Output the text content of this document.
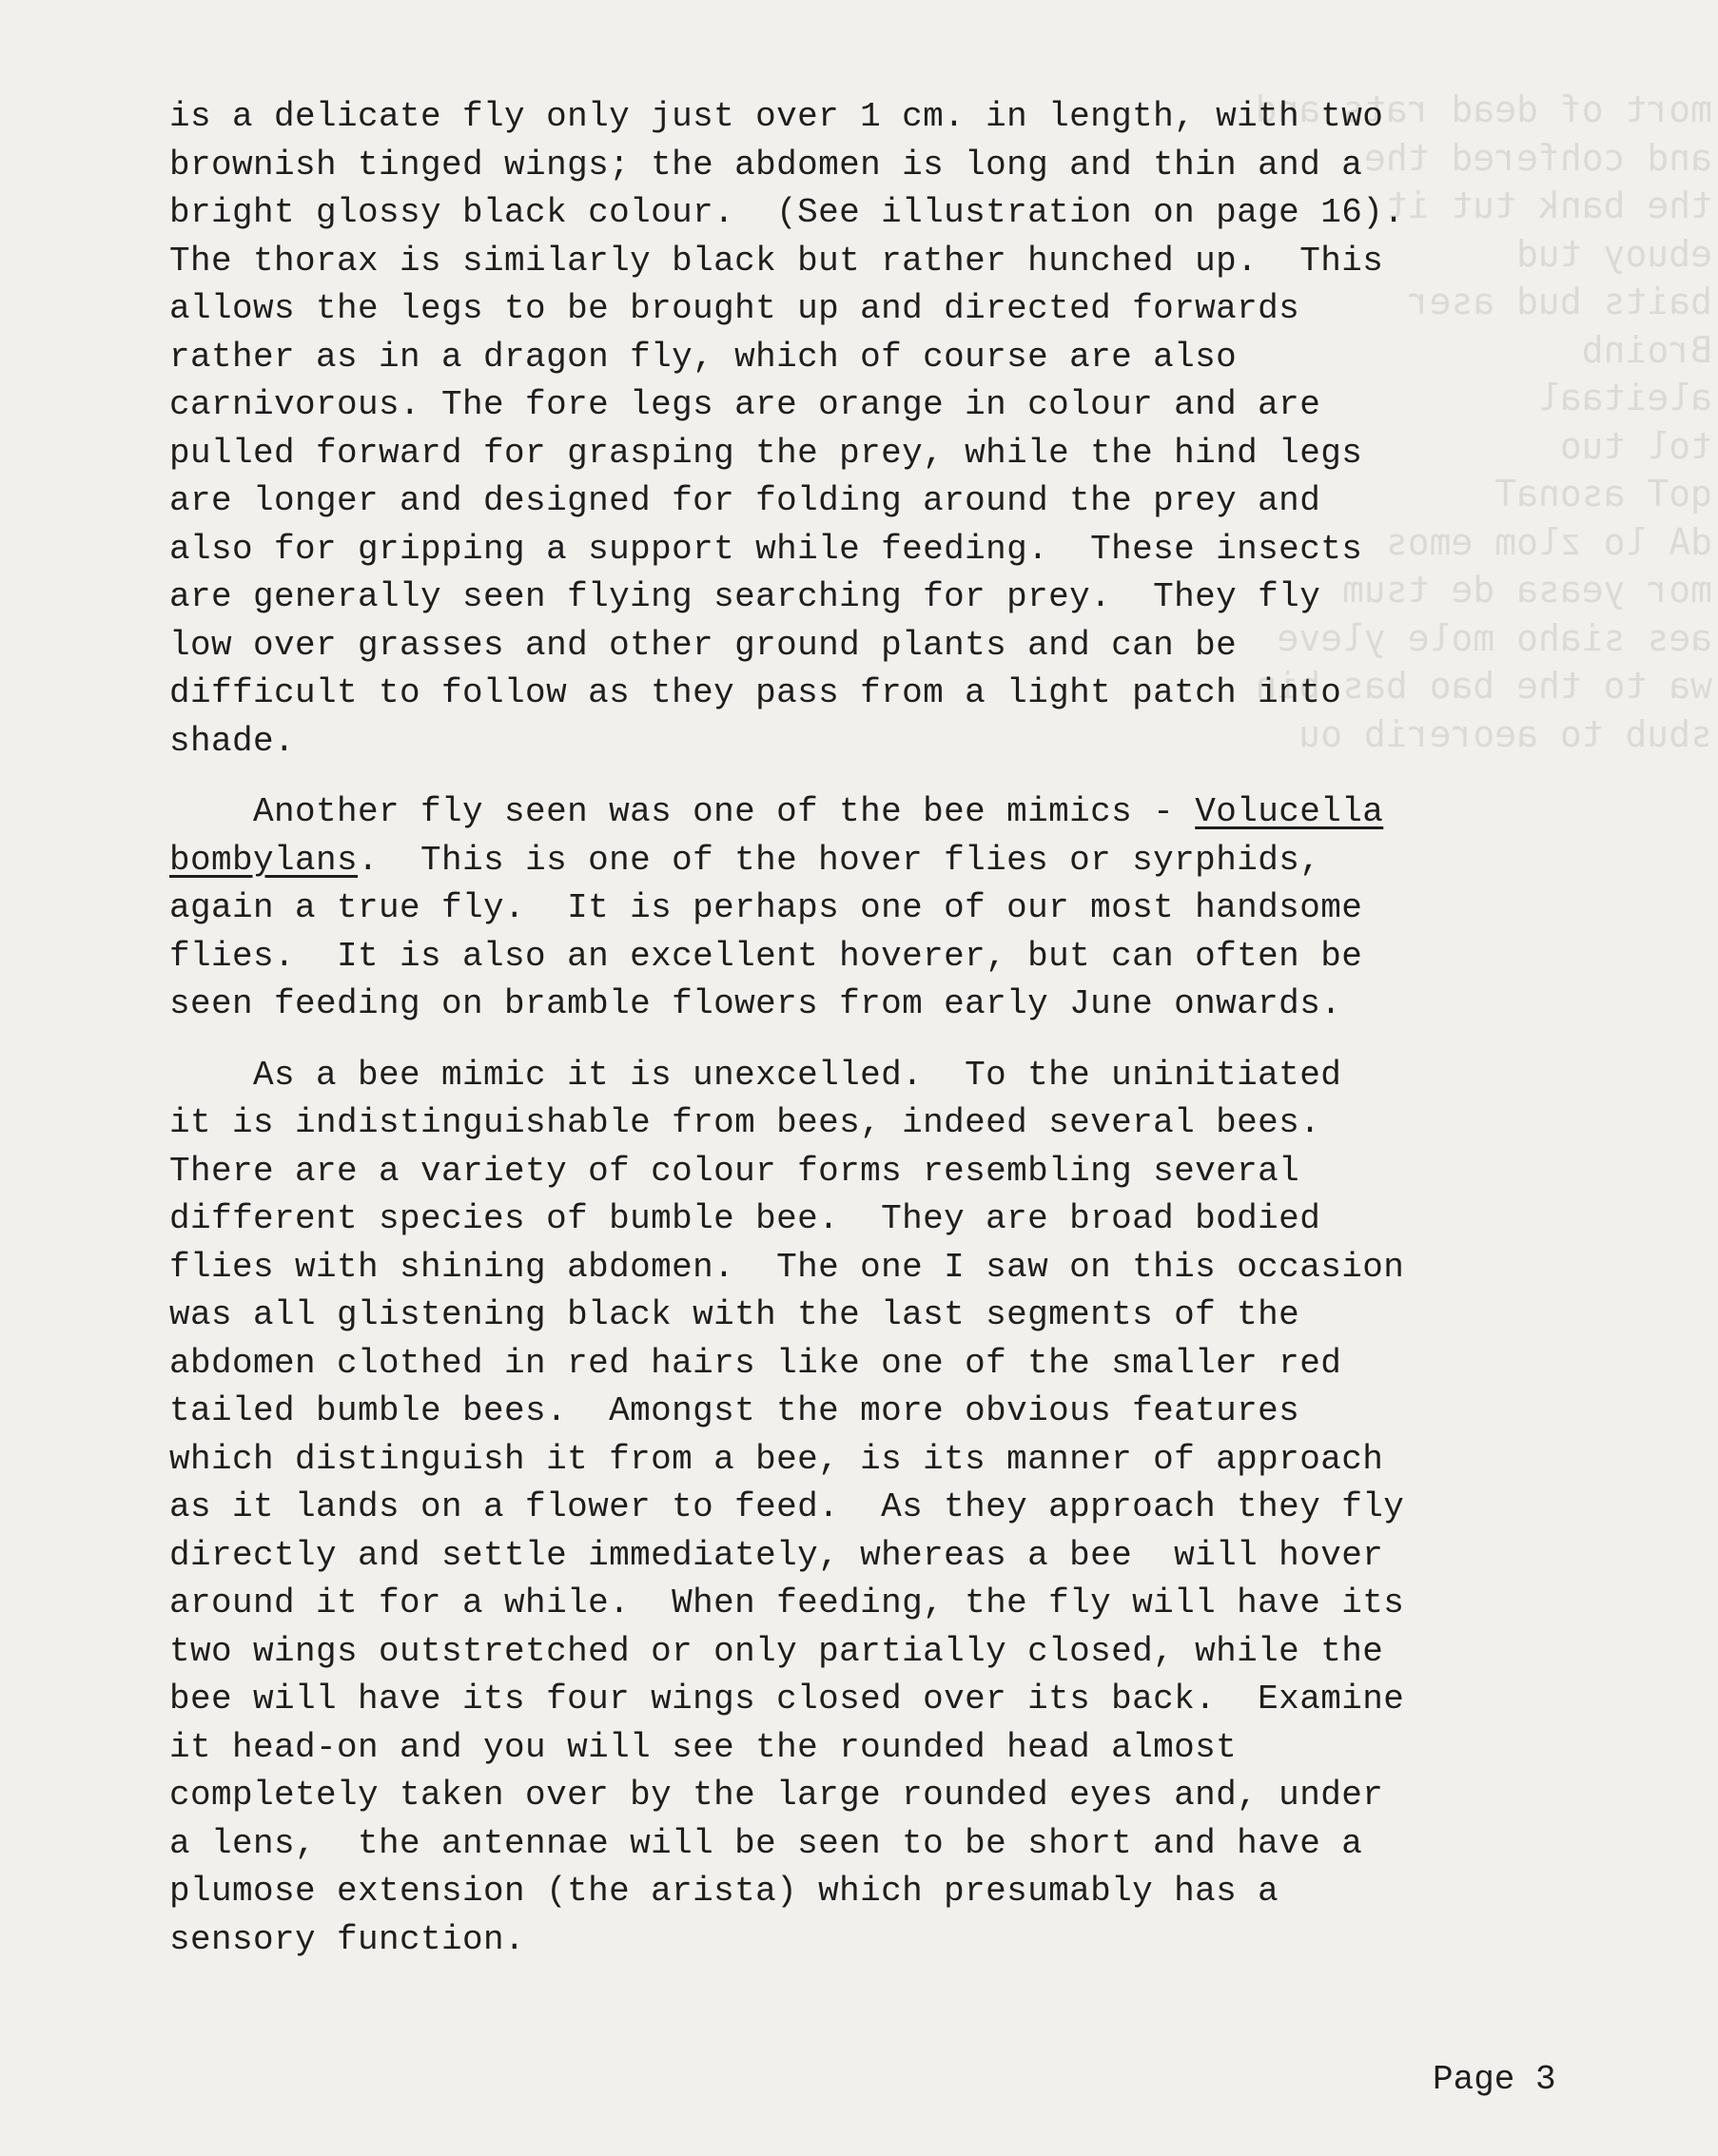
mort of dead rats and
and cohfered the
the bank tut it
ebuoy tud
baits bud aser
Broinb
aleitaal
tol tuo
qoT asonaT
dA lo zlom emos
mor yeasa de tsum
aes siaho mole yleve
wa to the bao bas bin
sbub to aeorerib ou
is a delicate fly only just over 1 cm. in length, with two
brownish tinged wings; the abdomen is long and thin and a
bright glossy black colour.  (See illustration on page 16).
The thorax is similarly black but rather hunched up.  This
allows the legs to be brought up and directed forwards
rather as in a dragon fly, which of course are also
carnivorous. The fore legs are orange in colour and are
pulled forward for grasping the prey, while the hind legs
are longer and designed for folding around the prey and
also for gripping a support while feeding.  These insects
are generally seen flying searching for prey.  They fly
low over grasses and other ground plants and can be
difficult to follow as they pass from a light patch into
shade.
Another fly seen was one of the bee mimics - Volucella
bombylans.  This is one of the hover flies or syrphids,
again a true fly.  It is perhaps one of our most handsome
flies.  It is also an excellent hoverer, but can often be
seen feeding on bramble flowers from early June onwards.
As a bee mimic it is unexcelled.  To the uninitiated
it is indistinguishable from bees, indeed several bees.
There are a variety of colour forms resembling several
different species of bumble bee.  They are broad bodied
flies with shining abdomen.  The one I saw on this occasion
was all glistening black with the last segments of the
abdomen clothed in red hairs like one of the smaller red
tailed bumble bees.  Amongst the more obvious features
which distinguish it from a bee, is its manner of approach
as it lands on a flower to feed.  As they approach they fly
directly and settle immediately, whereas a bee  will hover
around it for a while.  When feeding, the fly will have its
two wings outstretched or only partially closed, while the
bee will have its four wings closed over its back.  Examine
it head-on and you will see the rounded head almost
completely taken over by the large rounded eyes and, under
a lens,  the antennae will be seen to be short and have a
plumose extension (the arista) which presumably has a
sensory function.
Page 3
